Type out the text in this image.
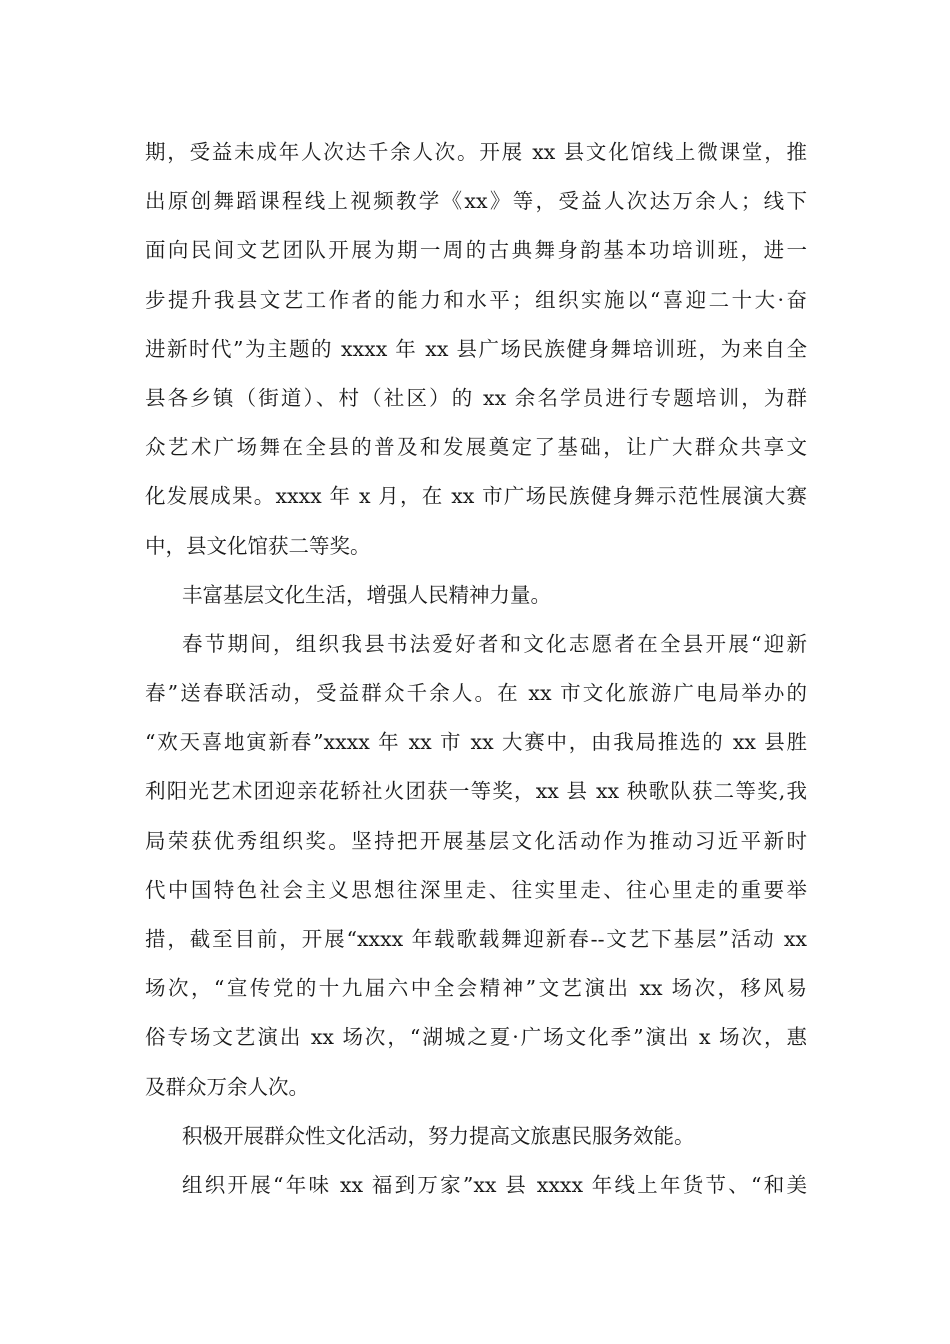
期，受益未成年人次达千余人次。开展 xx 县文化馆线上微课堂，推
出原创舞蹈课程线上视频教学《xx》等，受益人次达万余人；线下
面向民间文艺团队开展为期一周的古典舞身韵基本功培训班，进一
步提升我县文艺工作者的能力和水平；组织实施以“喜迎二十大·奋
进新时代”为主题的 xxxx 年 xx 县广场民族健身舞培训班，为来自全
县各乡镇（街道）、村（社区）的 xx 余名学员进行专题培训，为群
众艺术广场舞在全县的普及和发展奠定了基础，让广大群众共享文
化发展成果。xxxx 年 x 月，在 xx 市广场民族健身舞示范性展演大赛
中，县文化馆获二等奖。
丰富基层文化生活，增强人民精神力量。
春节期间，组织我县书法爱好者和文化志愿者在全县开展“迎新
春”送春联活动，受益群众千余人。在 xx 市文化旅游广电局举办的
“欢天喜地寅新春”xxxx 年 xx 市 xx 大赛中，由我局推选的 xx 县胜
利阳光艺术团迎亲花轿社火团获一等奖，xx 县 xx 秧歌队获二等奖,我
局荣获优秀组织奖。坚持把开展基层文化活动作为推动习近平新时
代中国特色社会主义思想往深里走、往实里走、往心里走的重要举
措，截至目前，开展“xxxx 年载歌载舞迎新春--文艺下基层”活动 xx
场次，“宣传党的十九届六中全会精神”文艺演出 xx 场次，移风易
俗专场文艺演出 xx 场次，“湖城之夏·广场文化季”演出 x 场次，惠
及群众万余人次。
积极开展群众性文化活动，努力提高文旅惠民服务效能。
组织开展“年味 xx 福到万家”xx 县 xxxx 年线上年货节、“和美
